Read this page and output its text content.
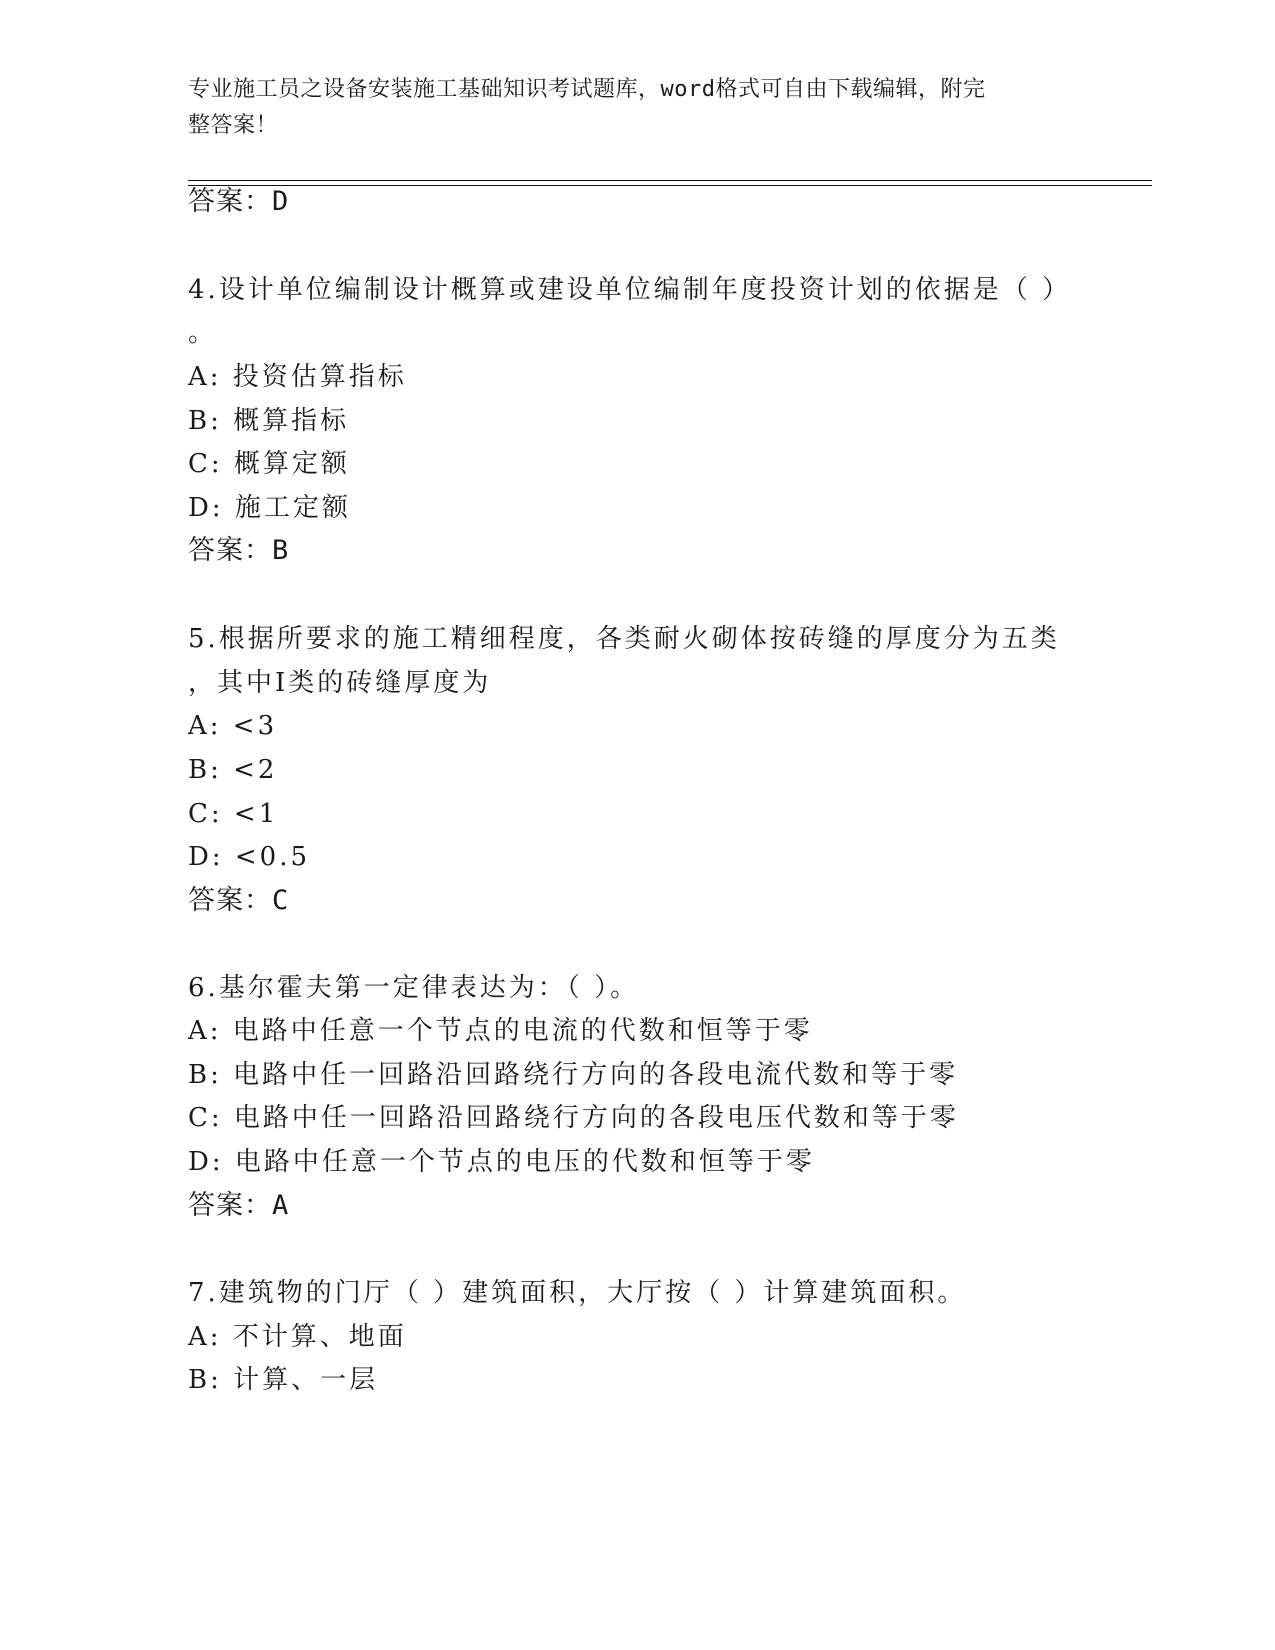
专业施工员之设备安装施工基础知识考试题库，word格式可自由下载编辑，附完
整答案！
答案：D
4.设计单位编制设计概算或建设单位编制年度投资计划的依据是（ ）
。
A: 投资估算指标
B: 概算指标
C: 概算定额
D: 施工定额
答案：B
5.根据所要求的施工精细程度，各类耐火砌体按砖缝的厚度分为五类
，其中Ⅰ类的砖缝厚度为
A: <3
B: <2
C: <1
D: <0.5
答案：C
6.基尔霍夫第一定律表达为：（ ）。
A: 电路中任意一个节点的电流的代数和恒等于零
B: 电路中任一回路沿回路绕行方向的各段电流代数和等于零
C: 电路中任一回路沿回路绕行方向的各段电压代数和等于零
D: 电路中任意一个节点的电压的代数和恒等于零
答案：A
7.建筑物的门厅（ ）建筑面积，大厅按（ ）计算建筑面积。
A: 不计算、地面
B: 计算、一层
